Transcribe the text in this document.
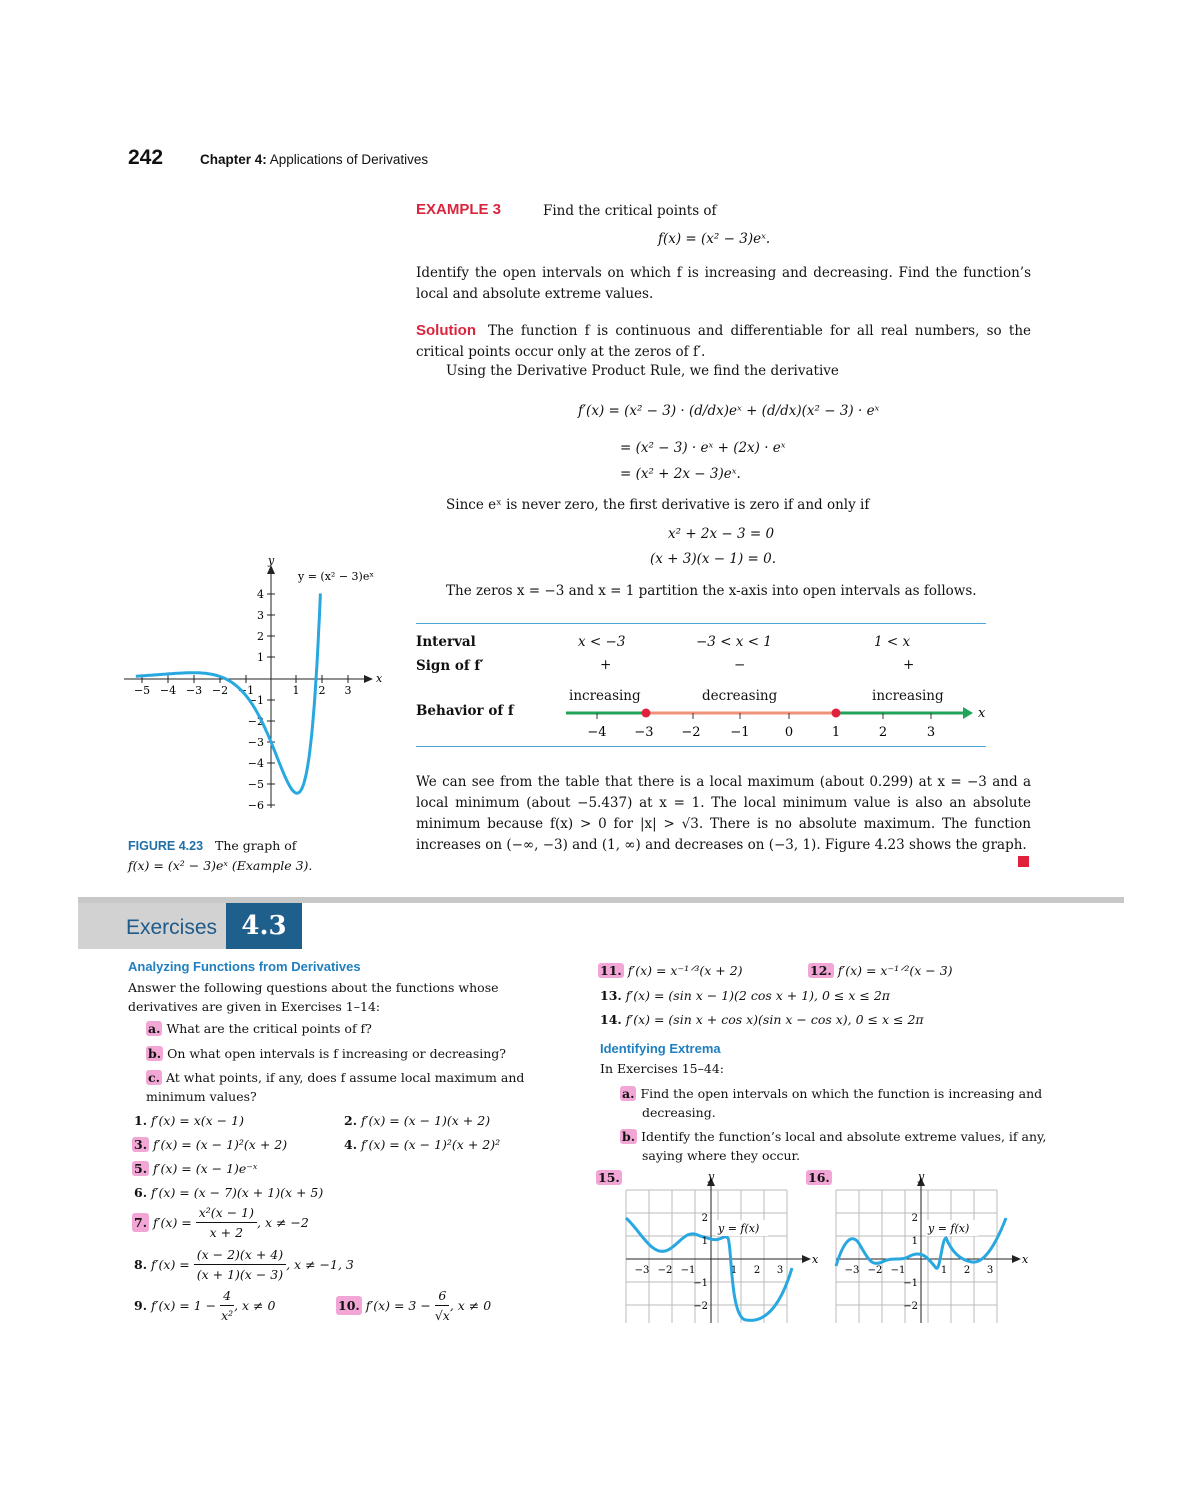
242	Chapter 4: Applications of Derivatives
EXAMPLE 3	Find the critical points of
f(x) = (x² − 3)eˣ.
Identify the open intervals on which f is increasing and decreasing. Find the function’s local and absolute extreme values.
Solution The function f is continuous and differentiable for all real numbers, so the critical points occur only at the zeros of f′.
Using the Derivative Product Rule, we find the derivative
f′(x) = (x² − 3) · (d/dx)eˣ + (d/dx)(x² − 3) · eˣ
= (x² − 3) · eˣ + (2x) · eˣ
= (x² + 2x − 3)eˣ.
Since eˣ is never zero, the first derivative is zero if and only if
x² + 2x − 3 = 0
(x + 3)(x − 1) = 0.
The zeros x = −3 and x = 1 partition the x-axis into open intervals as follows.
Interval
Sign of f′
Behavior of f
x < −3	−3 < x < 1	1 < x
+	−	+
increasing	decreasing	increasing
x
−4 −3 −2 −1	0	1	2	3
We can see from the table that there is a local maximum (about 0.299) at x = −3 and a local minimum (about −5.437) at x = 1. The local minimum value is also an absolute minimum because f(x) > 0 for |x| > √3. There is no absolute maximum. The function increases on (−∞, −3) and (1, ∞) and decreases on (−3, 1). Figure 4.23 shows the graph.
y
x
−5 −4 −3 −2 −1	1 2 3
4
3
2
1
−1
−2
−3
−4
−5
−6
y = (x² − 3)eˣ
FIGURE 4.23 The graph of
f(x) = (x² − 3)eˣ (Example 3).
Exercises 4.3
Analyzing Functions from Derivatives
Answer the following questions about the functions whose derivatives are given in Exercises 1–14:
a. What are the critical points of f?
b. On what open intervals is f increasing or decreasing?
c. At what points, if any, does f assume local maximum and minimum values?
1. f′(x) = x(x − 1)	2. f′(x) = (x − 1)(x + 2)
3. f′(x) = (x − 1)²(x + 2)	4. f′(x) = (x − 1)²(x + 2)²
5. f′(x) = (x − 1)e⁻ˣ
6. f′(x) = (x − 7)(x + 1)(x + 5)
7.
f′(x) =
$\frac{\text{x²(x − 1)}}{x + 2}$ , x ≠ −2
8.
f′(x) =
$\frac{(x - 2)(x + 4)}{(x + 1)(x - 3)}$ , x ≠ −1, 3
9.
f′(x) = 1 −
$\frac{4}{\text{x²}}$ , x ≠ 0	10.
f′(x) = 3 −
$\frac{6}{√x}$ , x ≠ 0
11. f′(x) = x⁻¹ᐟ³(x + 2)	12. f′(x) = x⁻¹ᐟ²(x − 3)
13. f′(x) = (sin x − 1)(2 cos x + 1), 0 ≤ x ≤ 2π
14. f′(x) = (sin x + cos x)(sin x − cos x), 0 ≤ x ≤ 2π
Identifying Extrema
In Exercises 15–44:
a. Find the open intervals on which the function is increasing and decreasing.
b. Identify the function’s local and absolute extreme values, if any, saying where they occur.
15.	16.
y
x
y = f(x)
−3 −2 −1	1 2 3
2
1
−1
−2
y
x
y = f(x)
−3 −2 −1	1 2 3
2
1
−1
−2
